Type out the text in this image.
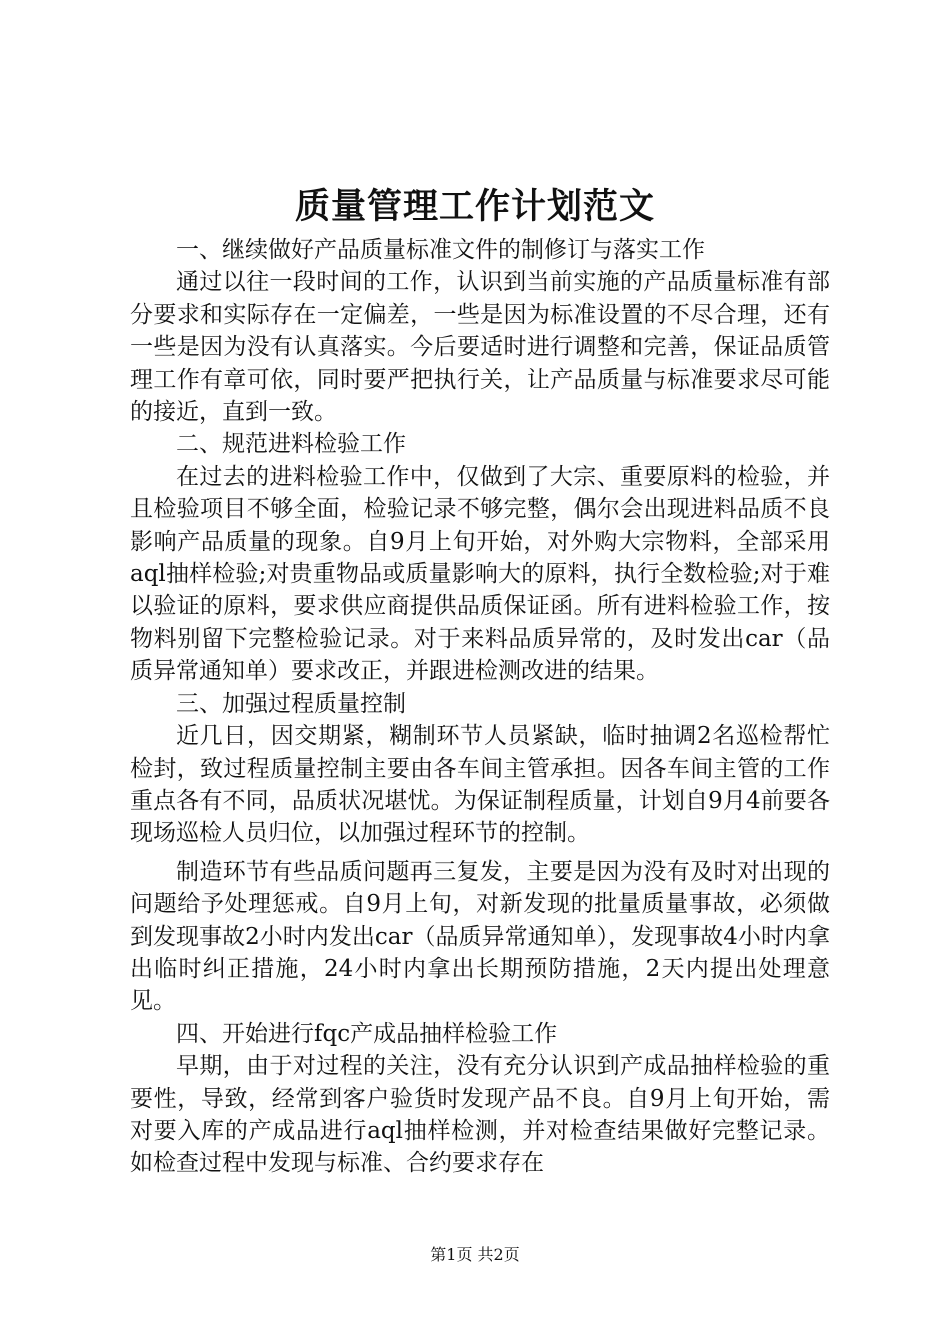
质量管理工作计划范文

一、继续做好产品质量标准文件的制修订与落实工作

通过以往一段时间的工作，认识到当前实施的产品质量标准有部分要求和实际存在一定偏差，一些是因为标准设置的不尽合理，还有一些是因为没有认真落实。今后要适时进行调整和完善，保证品质管理工作有章可依，同时要严把执行关，让产品质量与标准要求尽可能的接近，直到一致。

二、规范进料检验工作

在过去的进料检验工作中，仅做到了大宗、重要原料的检验，并且检验项目不够全面，检验记录不够完整，偶尔会出现进料品质不良影响产品质量的现象。自9月上旬开始，对外购大宗物料，全部采用aql抽样检验;对贵重物品或质量影响大的原料，执行全数检验;对于难以验证的原料，要求供应商提供品质保证函。所有进料检验工作，按物料别留下完整检验记录。对于来料品质异常的，及时发出car（品质异常通知单）要求改正，并跟进检测改进的结果。

三、加强过程质量控制

近几日，因交期紧，糊制环节人员紧缺，临时抽调2名巡检帮忙检封，致过程质量控制主要由各车间主管承担。因各车间主管的工作重点各有不同，品质状况堪忧。为保证制程质量，计划自9月4前要各现场巡检人员归位，以加强过程环节的控制。

制造环节有些品质问题再三复发，主要是因为没有及时对出现的问题给予处理惩戒。自9月上旬，对新发现的批量质量事故，必须做到发现事故2小时内发出car（品质异常通知单），发现事故4小时内拿出临时纠正措施，24小时内拿出长期预防措施，2天内提出处理意见。

四、开始进行fqc产成品抽样检验工作

早期，由于对过程的关注，没有充分认识到产成品抽样检验的重要性，导致，经常到客户验货时发现产品不良。自9月上旬开始，需对要入库的产成品进行aql抽样检测，并对检查结果做好完整记录。如检查过程中发现与标准、合约要求存在

第1页 共2页
